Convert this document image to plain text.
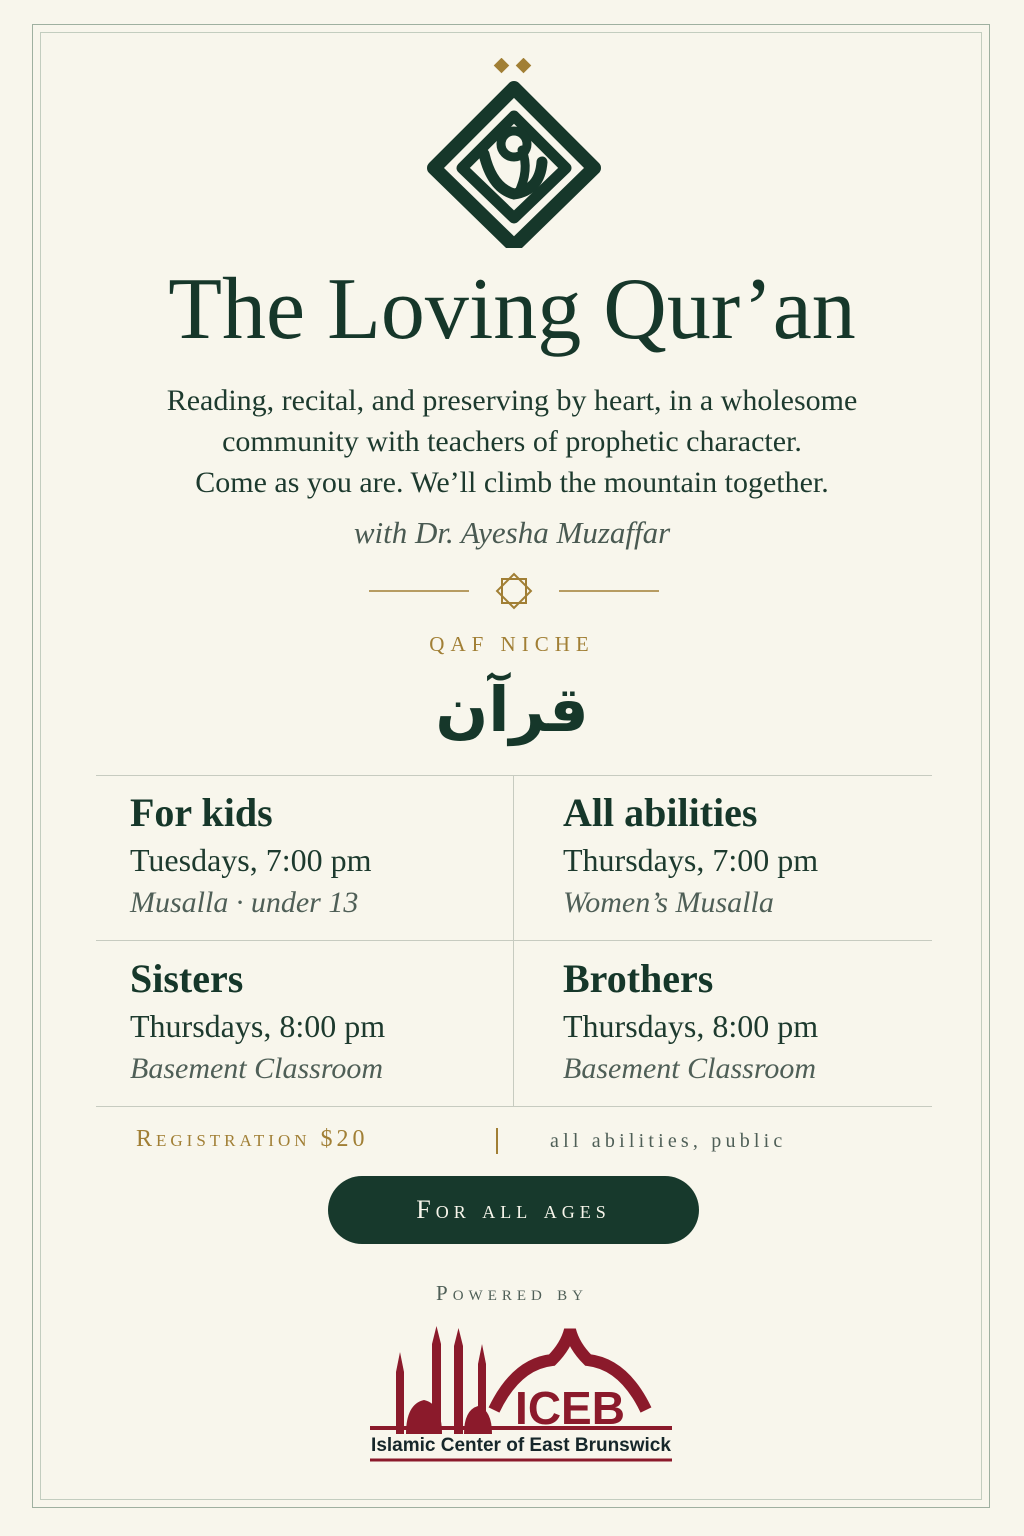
The Loving Qur’an
Reading, recital, and preserving by heart, in a wholesome
community with teachers of prophetic character.
Come as you are. We’ll climb the mountain together.
with Dr. Ayesha Muzaffar
QAF NICHE
قرآن
For kids
Tuesdays, 7:00 pm
Musalla · under 13
All abilities
Thursdays, 7:00 pm
Women’s Musalla
Sisters
Thursdays, 8:00 pm
Basement Classroom
Brothers
Thursdays, 8:00 pm
Basement Classroom
Registration $20	all abilities, public
For all ages
Powered by
ICEB
Islamic Center of East Brunswick
